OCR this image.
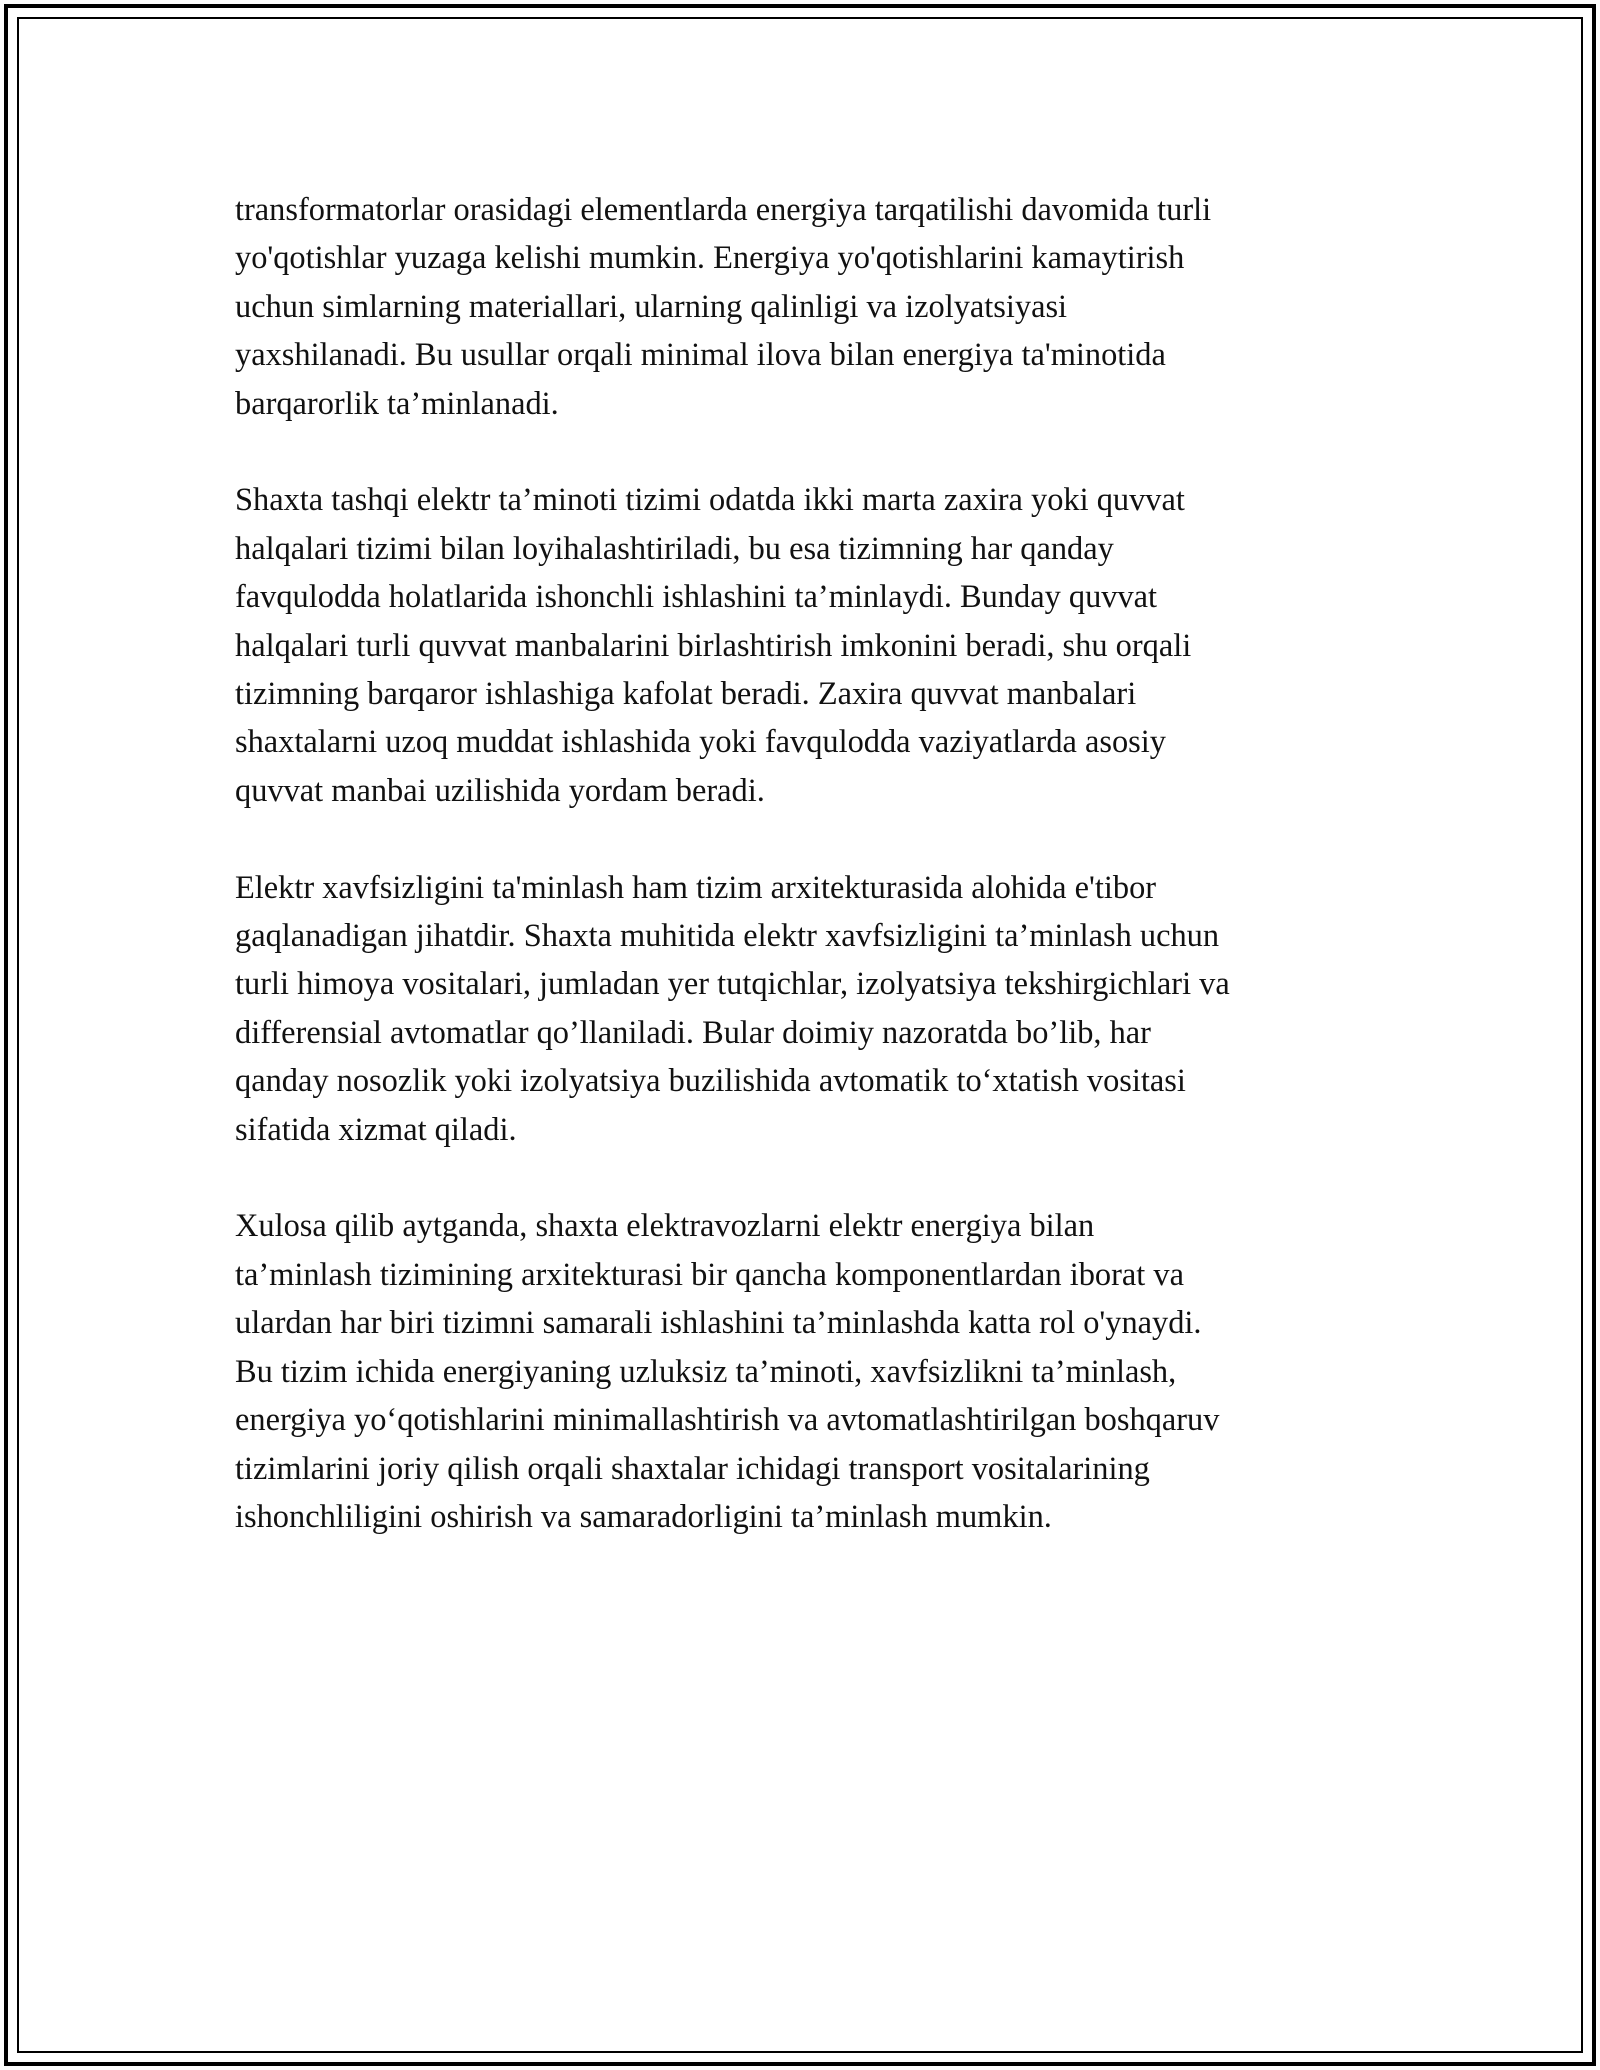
transformatorlar orasidagi elementlarda energiya tarqatilishi davomida turli
yo'qotishlar yuzaga kelishi mumkin. Energiya yo'qotishlarini kamaytirish
uchun simlarning materiallari, ularning qalinligi va izolyatsiyasi
yaxshilanadi. Bu usullar orqali minimal ilova bilan energiya ta'minotida
barqarorlik ta’minlanadi.

Shaxta tashqi elektr ta’minoti tizimi odatda ikki marta zaxira yoki quvvat
halqalari tizimi bilan loyihalashtiriladi, bu esa tizimning har qanday
favqulodda holatlarida ishonchli ishlashini ta’minlaydi. Bunday quvvat
halqalari turli quvvat manbalarini birlashtirish imkonini beradi, shu orqali
tizimning barqaror ishlashiga kafolat beradi. Zaxira quvvat manbalari
shaxtalarni uzoq muddat ishlashida yoki favqulodda vaziyatlarda asosiy
quvvat manbai uzilishida yordam beradi.

Elektr xavfsizligini ta'minlash ham tizim arxitekturasida alohida e'tibor
gaqlanadigan jihatdir. Shaxta muhitida elektr xavfsizligini ta’minlash uchun
turli himoya vositalari, jumladan yer tutqichlar, izolyatsiya tekshirgichlari va
differensial avtomatlar qo’llaniladi. Bular doimiy nazoratda bo’lib, har
qanday nosozlik yoki izolyatsiya buzilishida avtomatik to‘xtatish vositasi
sifatida xizmat qiladi.

Xulosa qilib aytganda, shaxta elektravozlarni elektr energiya bilan
ta’minlash tizimining arxitekturasi bir qancha komponentlardan iborat va
ulardan har biri tizimni samarali ishlashini ta’minlashda katta rol o'ynaydi.
Bu tizim ichida energiyaning uzluksiz ta’minoti, xavfsizlikni ta’minlash,
energiya yo‘qotishlarini minimallashtirish va avtomatlashtirilgan boshqaruv
tizimlarini joriy qilish orqali shaxtalar ichidagi transport vositalarining
ishonchliligini oshirish va samaradorligini ta’minlash mumkin.
